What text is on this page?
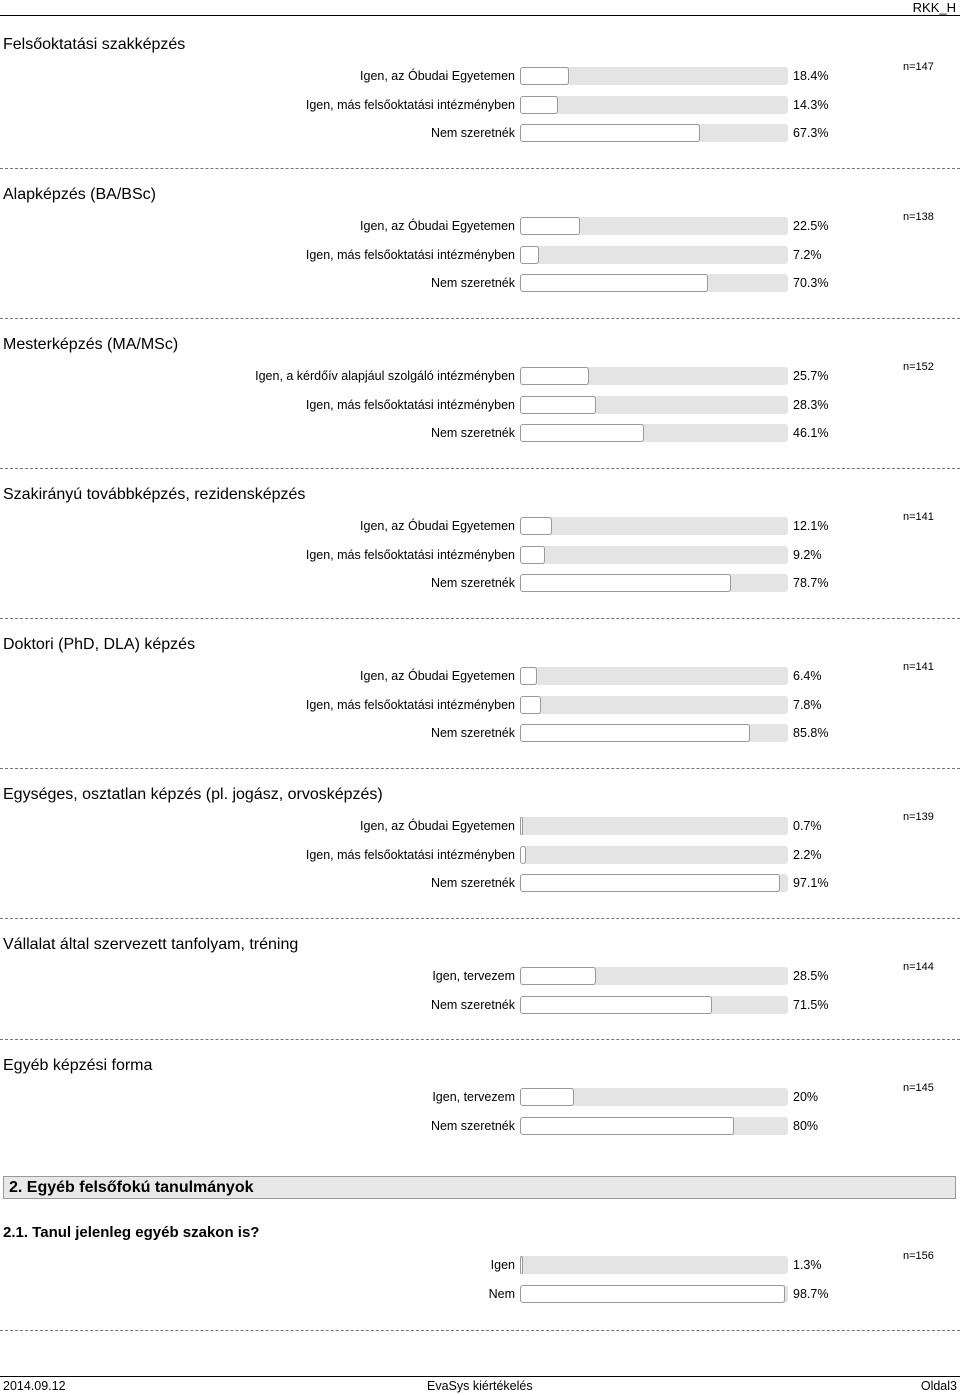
RKK_H
Felsőoktatási szakképzés
n=147
Igen, az Óbudai Egyetemen	18.4%
Igen, más felsőoktatási intézményben	14.3%
Nem szeretnék	67.3%
Alapképzés (BA/BSc)
n=138
Igen, az Óbudai Egyetemen	22.5%
Igen, más felsőoktatási intézményben	7.2%
Nem szeretnék	70.3%
Mesterképzés (MA/MSc)
n=152
Igen, a kérdőív alapjául szolgáló intézményben	25.7%
Igen, más felsőoktatási intézményben	28.3%
Nem szeretnék	46.1%
Szakirányú továbbképzés, rezidensképzés
n=141
Igen, az Óbudai Egyetemen	12.1%
Igen, más felsőoktatási intézményben	9.2%
Nem szeretnék	78.7%
Doktori (PhD, DLA) képzés
n=141
Igen, az Óbudai Egyetemen	6.4%
Igen, más felsőoktatási intézményben	7.8%
Nem szeretnék	85.8%
Egységes, osztatlan képzés (pl. jogász, orvosképzés)
n=139
Igen, az Óbudai Egyetemen	0.7%
Igen, más felsőoktatási intézményben	2.2%
Nem szeretnék	97.1%
Vállalat által szervezett tanfolyam, tréning
n=144
Igen, tervezem	28.5%
Nem szeretnék	71.5%
Egyéb képzési forma
n=145
Igen, tervezem	20%
Nem szeretnék	80%
n=156
Igen	1.3%
Nem	98.7%
2. Egyéb felsőfokú tanulmányok
2.1. Tanul jelenleg egyéb szakon is?
2014.09.12	EvaSys kiértékelés	Oldal3
